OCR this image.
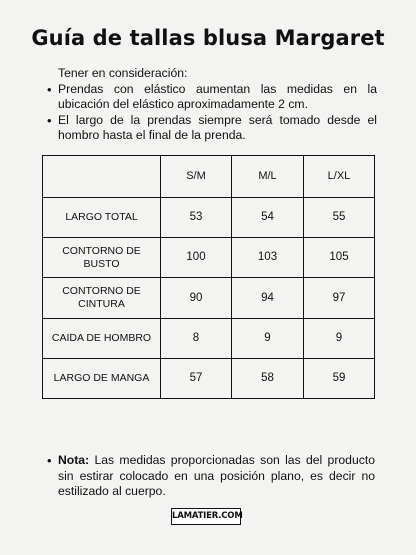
Guía de tallas blusa Margaret

Tener en consideración:

• Prendas con elástico aumentan las medidas en la ubicación del elástico aproximadamente 2 cm.
• El largo de la prendas siempre será tomado desde el hombro hasta el final de la prenda.
	S/M	M/L	L/XL
LARGO TOTAL	53	54	55
CONTORNO DE BUSTO	100	103	105
CONTORNO DE CINTURA	90	94	97
CAIDA DE HOMBRO	8	9	9
LARGO DE MANGA	57	58	59
• Nota: Las medidas proporcionadas son las del producto sin estirar colocado en una posición plano, es decir no estilizado al cuerpo.
LAMATIER.COM
